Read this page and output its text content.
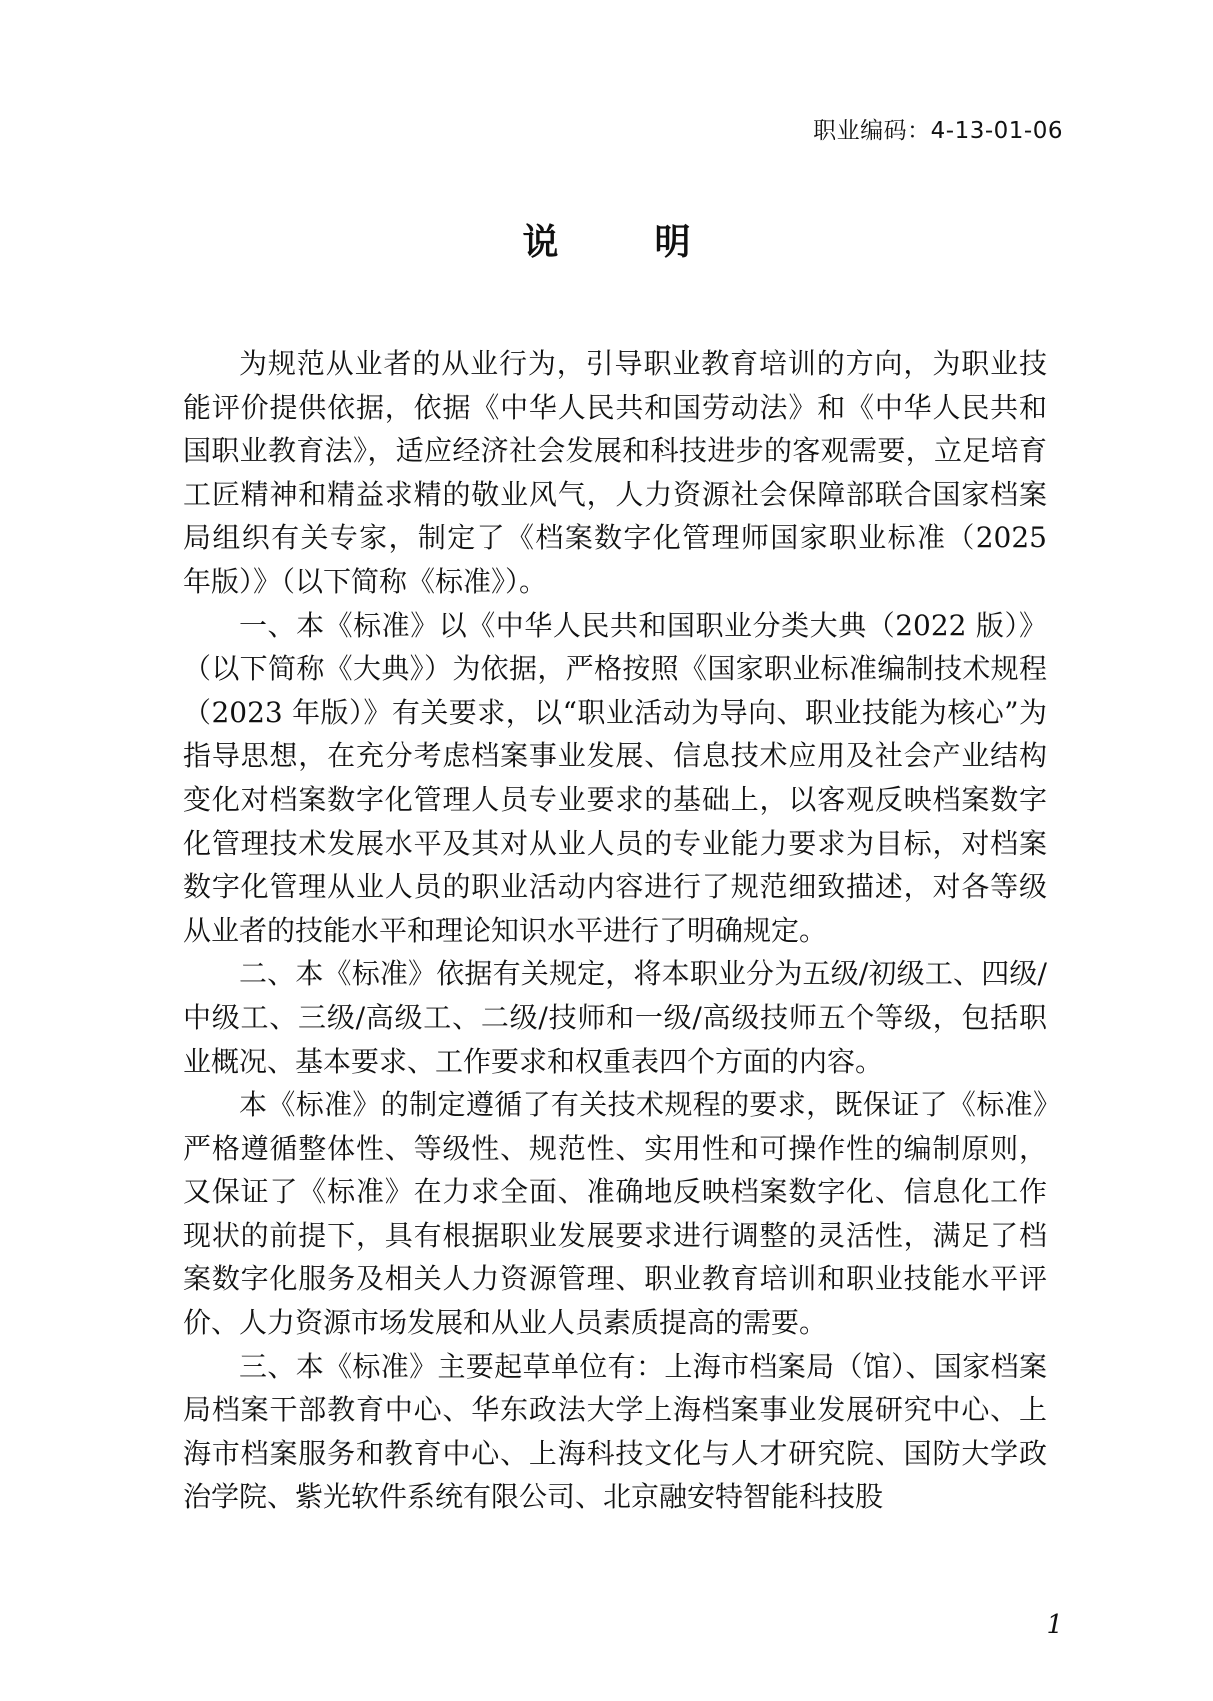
职业编码：4-13-01-06
说明

为规范从业者的从业行为，引导职业教育培训的方向，为职业技能评价提供依据，依据《中华人民共和国劳动法》和《中华人民共和国职业教育法》，适应经济社会发展和科技进步的客观需要，立足培育工匠精神和精益求精的敬业风气，人力资源社会保障部联合国家档案局组织有关专家，制定了《档案数字化管理师国家职业标准（2025 年版）》（以下简称《标准》）。

一、本《标准》以《中华人民共和国职业分类大典（2022 版）》（以下简称《大典》）为依据，严格按照《国家职业标准编制技术规程（2023 年版）》有关要求，以“职业活动为导向、职业技能为核心”为指导思想，在充分考虑档案事业发展、信息技术应用及社会产业结构变化对档案数字化管理人员专业要求的基础上，以客观反映档案数字化管理技术发展水平及其对从业人员的专业能力要求为目标，对档案数字化管理从业人员的职业活动内容进行了规范细致描述，对各等级从业者的技能水平和理论知识水平进行了明确规定。

二、本《标准》依据有关规定，将本职业分为五级/初级工、四级/中级工、三级/高级工、二级/技师和一级/高级技师五个等级，包括职业概况、基本要求、工作要求和权重表四个方面的内容。

本《标准》的制定遵循了有关技术规程的要求，既保证了《标准》严格遵循整体性、等级性、规范性、实用性和可操作性的编制原则，又保证了《标准》在力求全面、准确地反映档案数字化、信息化工作现状的前提下，具有根据职业发展要求进行调整的灵活性，满足了档案数字化服务及相关人力资源管理、职业教育培训和职业技能水平评价、人力资源市场发展和从业人员素质提高的需要。

三、本《标准》主要起草单位有：上海市档案局（馆）、国家档案局档案干部教育中心、华东政法大学上海档案事业发展研究中心、上海市档案服务和教育中心、上海科技文化与人才研究院、国防大学政治学院、紫光软件系统有限公司、北京融安特智能科技股

1
